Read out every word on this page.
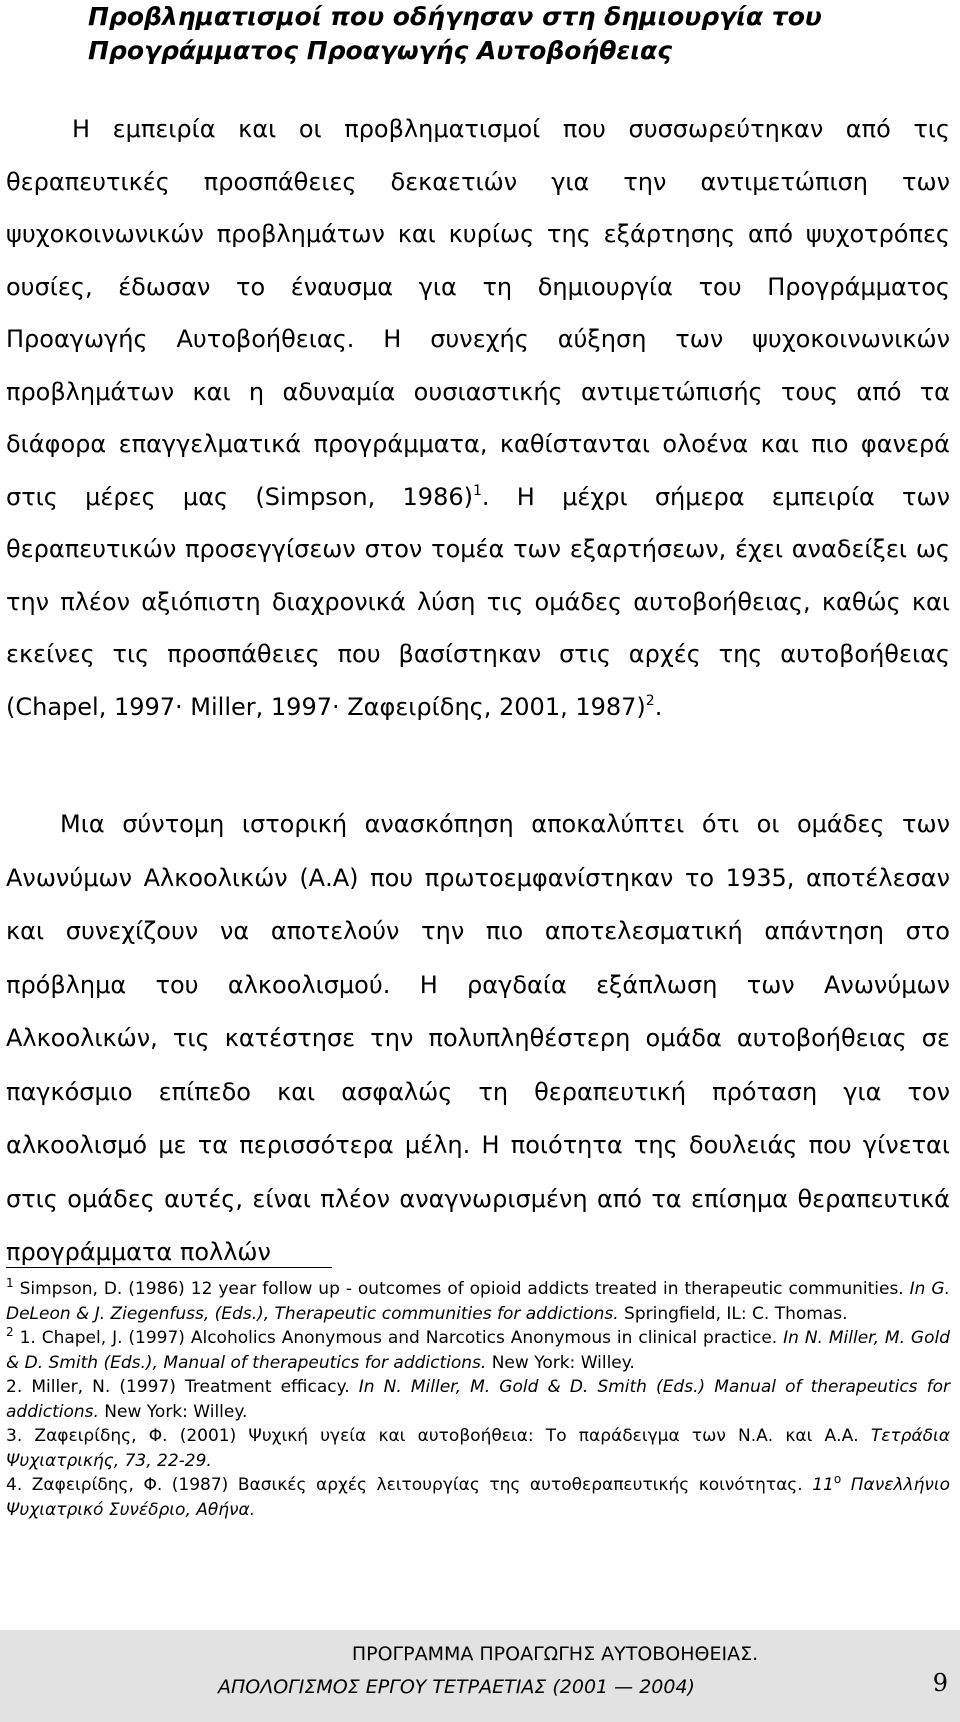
Προβληματισμοί που οδήγησαν στη δημιουργία του
Προγράμματος Προαγωγής Αυτοβοήθειας

Η εμπειρία και οι προβληματισμοί που συσσωρεύτηκαν από τις θεραπευτικές προσπάθειες δεκαετιών για την αντιμετώπιση των ψυχοκοινωνικών προβλημάτων και κυρίως της εξάρτησης από ψυχοτρόπες ουσίες, έδωσαν το έναυσμα για τη δημιουργία του Προγράμματος Προαγωγής Αυτοβοήθειας. Η συνεχής αύξηση των ψυχοκοινωνικών προβλημάτων και η αδυναμία ουσιαστικής αντιμετώπισής τους από τα διάφορα επαγγελματικά προγράμματα, καθίστανται ολοένα και πιο φανερά στις μέρες μας (Simpson, 1986)$^1$. Η μέχρι σήμερα εμπειρία των θεραπευτικών προσεγγίσεων στον τομέα των εξαρτήσεων, έχει αναδείξει ως την πλέον αξιόπιστη διαχρονικά λύση τις ομάδες αυτοβοήθειας, καθώς και εκείνες τις προσπάθειες που βασίστηκαν στις αρχές της αυτοβοήθειας (Chapel, 1997· Miller, 1997· Ζαφειρίδης, 2001, 1987)$^2$.

Μια σύντομη ιστορική ανασκόπηση αποκαλύπτει ότι οι ομάδες των Ανωνύμων Αλκοολικών (Α.Α) που πρωτοεμφανίστηκαν το 1935, αποτέλεσαν και συνεχίζουν να αποτελούν την πιο αποτελεσματική απάντηση στο πρόβλημα του αλκοολισμού. Η ραγδαία εξάπλωση των Ανωνύμων Αλκοολικών, τις κατέστησε την πολυπληθέστερη ομάδα αυτοβοήθειας σε παγκόσμιο επίπεδο και ασφαλώς τη θεραπευτική πρόταση για τον αλκοολισμό με τα περισσότερα μέλη. Η ποιότητα της δουλειάς που γίνεται στις ομάδες αυτές, είναι πλέον αναγνωρισμένη από τα επίσημα θεραπευτικά προγράμματα πολλών

$^1$ Simpson, D. (1986) 12 year follow up - outcomes of opioid addicts treated in therapeutic communities. In G. DeLeon & J. Ziegenfuss, (Eds.), Therapeutic communities for addictions. Springfield, IL: C. Thomas.

$^2$ 1. Chapel, J. (1997) Alcoholics Anonymous and Narcotics Anonymous in clinical practice. In N. Miller, M. Gold & D. Smith (Eds.), Manual of therapeutics for addictions. New York: Willey.

2. Miller, N. (1997) Treatment efficacy. In N. Miller, M. Gold & D. Smith (Eds.) Manual of therapeutics for addictions. New York: Willey.

3. Ζαφειρίδης, Φ. (2001) Ψυχική υγεία και αυτοβοήθεια: Το παράδειγμα των Ν.Α. και Α.Α. Τετράδια Ψυχιατρικής, 73, 22-29.

4. Ζαφειρίδης, Φ. (1987) Βασικές αρχές λειτουργίας της αυτοθεραπευτικής κοινότητας. $11^o$ Πανελλήνιο Ψυχιατρικό Συνέδριο, Αθήνα.

ΠΡΟΓΡΑΜΜΑ ΠΡΟΑΓΩΓΗΣ ΑΥΤΟΒΟΗΘΕΙΑΣ.
ΑΠΟΛΟΓΙΣΜΟΣ ΕΡΓΟΥ ΤΕΤΡΑΕΤΙΑΣ (2001 — 2004)	9
